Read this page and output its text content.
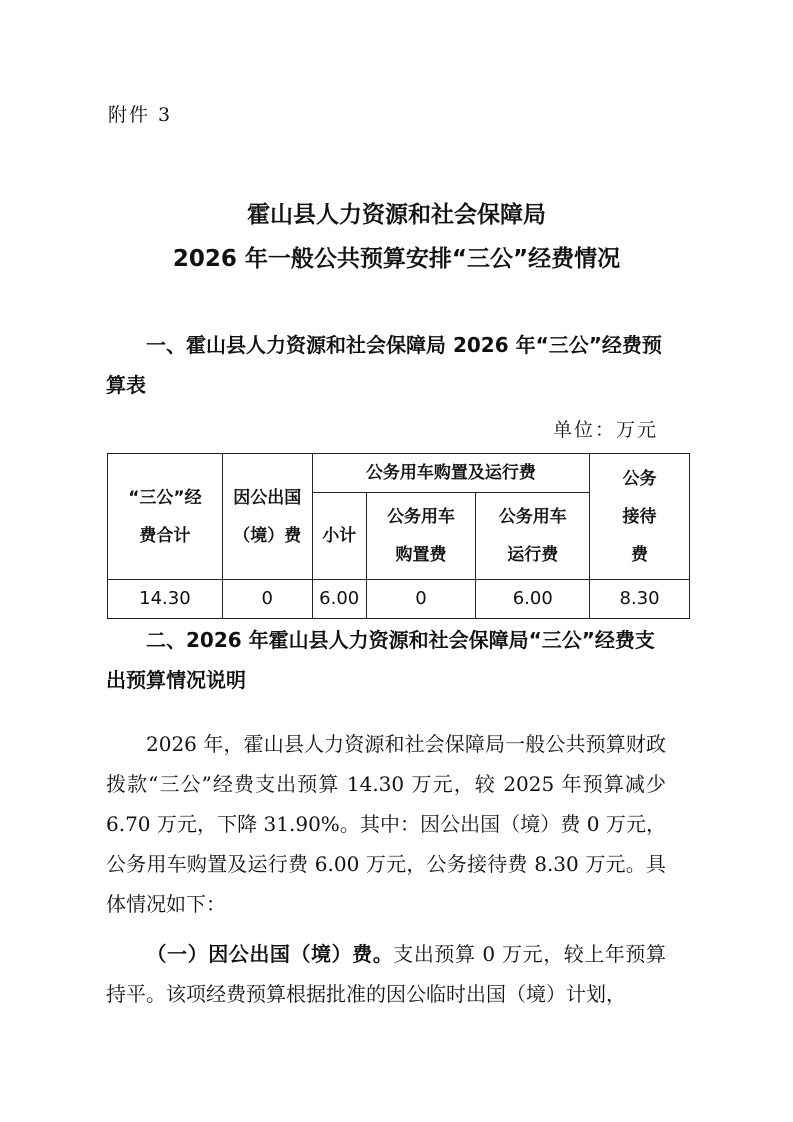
附件 3
霍山县人力资源和社会保障局
2026 年一般公共预算安排“三公”经费情况
一、霍山县人力资源和社会保障局 2026 年“三公”经费预算表
单位：万元
“三公”经费合计	因公出国（境）费	公务用车购置及运行费			公务接待费
		小计	公务用车购置费	公务用车运行费	
14.30	0	6.00	0	6.00	8.30
二、2026 年霍山县人力资源和社会保障局“三公”经费支出预算情况说明
2026 年，霍山县人力资源和社会保障局一般公共预算财政拨款“三公”经费支出预算 14.30 万元，较 2025 年预算减少 6.70 万元，下降 31.90%。其中：因公出国（境）费 0 万元，公务用车购置及运行费 6.00 万元，公务接待费 8.30 万元。具体情况如下：
（一）因公出国（境）费。支出预算 0 万元，较上年预算持平。该项经费预算根据批准的因公临时出国（境）计划，
